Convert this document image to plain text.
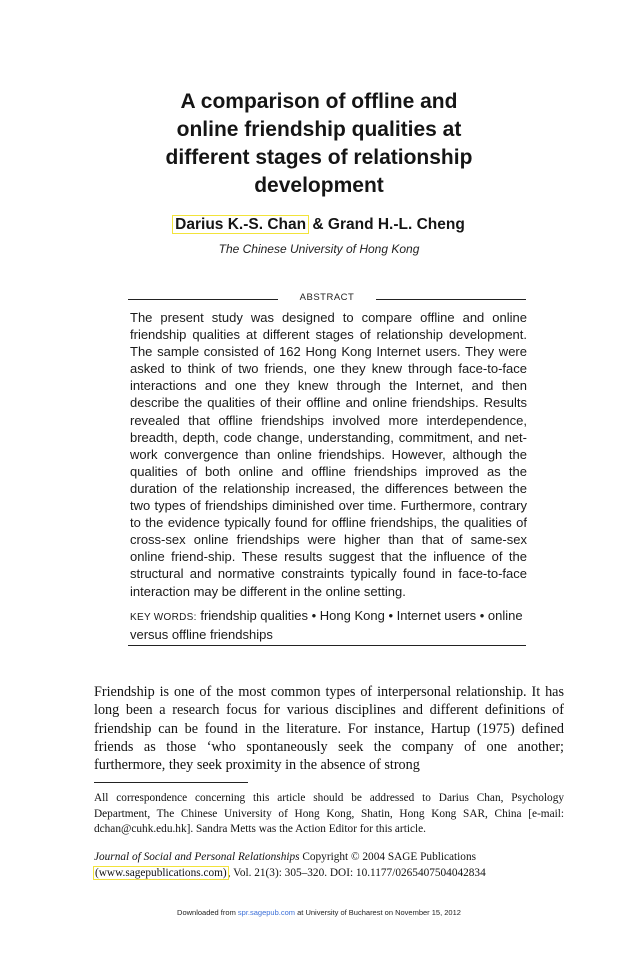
A comparison of offline and
online friendship qualities at
different stages of relationship
development
Darius K.-S. Chan & Grand H.-L. Cheng
The Chinese University of Hong Kong
ABSTRACT
The present study was designed to compare offline and online friendship qualities at different stages of relationship development. The sample consisted of 162 Hong Kong Internet users. They were asked to think of two friends, one they knew through face-to-face interactions and one they knew through the Internet, and then describe the qualities of their offline and online friendships. Results revealed that offline friendships involved more interdependence, breadth, depth, code change, understanding, commitment, and net-work convergence than online friendships. However, although the qualities of both online and offline friendships improved as the duration of the relationship increased, the differences between the two types of friendships diminished over time. Furthermore, contrary to the evidence typically found for offline friendships, the qualities of cross-sex online friendships were higher than that of same-sex online friend-ship. These results suggest that the influence of the structural and normative constraints typically found in face-to-face interaction may be different in the online setting.
KEY WORDS: friendship qualities • Hong Kong • Internet users • online versus offline friendships
Friendship is one of the most common types of interpersonal relationship. It has long been a research focus for various disciplines and different definitions of friendship can be found in the literature. For instance, Hartup (1975) defined friends as those ‘who spontaneously seek the company of one another; furthermore, they seek proximity in the absence of strong
All correspondence concerning this article should be addressed to Darius Chan, Psychology Department, The Chinese University of Hong Kong, Shatin, Hong Kong SAR, China [e-mail: dchan@cuhk.edu.hk]. Sandra Metts was the Action Editor for this article.
Journal of Social and Personal Relationships Copyright © 2004 SAGE Publications
(www.sagepublications.com), Vol. 21(3): 305–320. DOI: 10.1177/0265407504042834
Downloaded from spr.sagepub.com at University of Bucharest on November 15, 2012
